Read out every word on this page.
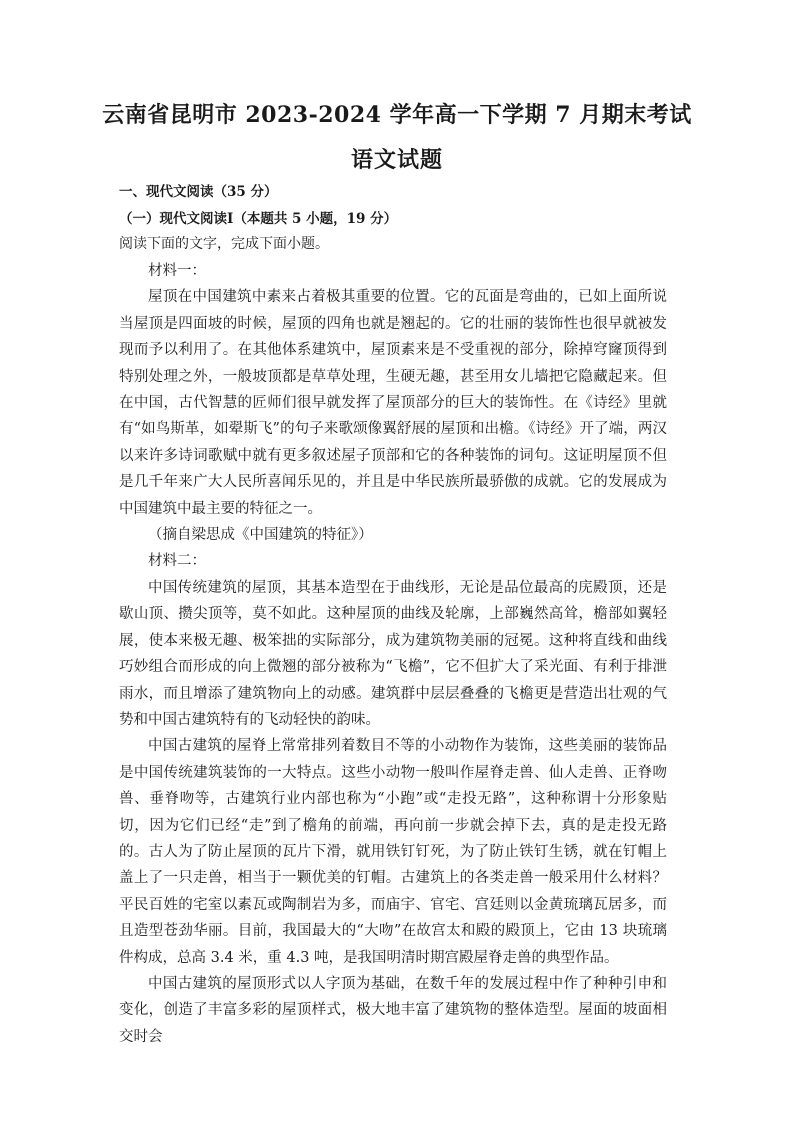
云南省昆明市 2023-2024 学年高一下学期 7 月期末考试
语文试题
一、现代文阅读（35 分）
（一）现代文阅读Ⅰ（本题共 5 小题，19 分）
阅读下面的文字，完成下面小题。

材料一：

屋顶在中国建筑中素来占着极其重要的位置。它的瓦面是弯曲的，已如上面所说当屋顶是四面坡的时候，屋顶的四角也就是翘起的。它的壮丽的装饰性也很早就被发现而予以利用了。在其他体系建筑中，屋顶素来是不受重视的部分，除掉穹窿顶得到特别处理之外，一般坡顶都是草草处理，生硬无趣，甚至用女儿墙把它隐藏起来。但在中国，古代智慧的匠师们很早就发挥了屋顶部分的巨大的装饰性。在《诗经》里就有“如鸟斯革，如翚斯飞”的句子来歌颂像翼舒展的屋顶和出檐。《诗经》开了端，两汉以来许多诗词歌赋中就有更多叙述屋子顶部和它的各种装饰的词句。这证明屋顶不但是几千年来广大人民所喜闻乐见的，并且是中华民族所最骄傲的成就。它的发展成为中国建筑中最主要的特征之一。

（摘自梁思成《中国建筑的特征》）

材料二：

中国传统建筑的屋顶，其基本造型在于曲线形，无论是品位最高的庑殿顶，还是歇山顶、攒尖顶等，莫不如此。这种屋顶的曲线及轮廓，上部巍然高耸，檐部如翼轻展，使本来极无趣、极笨拙的实际部分，成为建筑物美丽的冠冕。这种将直线和曲线巧妙组合而形成的向上微翘的部分被称为“飞檐”，它不但扩大了采光面、有利于排泄雨水，而且增添了建筑物向上的动感。建筑群中层层叠叠的飞檐更是营造出壮观的气势和中国古建筑特有的飞动轻快的韵味。

中国古建筑的屋脊上常常排列着数目不等的小动物作为装饰，这些美丽的装饰品是中国传统建筑装饰的一大特点。这些小动物一般叫作屋脊走兽、仙人走兽、正脊吻兽、垂脊吻等，古建筑行业内部也称为“小跑”或“走投无路”，这种称谓十分形象贴切，因为它们已经“走”到了檐角的前端，再向前一步就会掉下去，真的是走投无路的。古人为了防止屋顶的瓦片下滑，就用铁钉钉死，为了防止铁钉生锈，就在钉帽上盖上了一只走兽，相当于一颗优美的钉帽。古建筑上的各类走兽一般采用什么材料？平民百姓的宅室以素瓦或陶制岩为多，而庙宇、官宅、宫廷则以金黄琉璃瓦居多，而且造型苍劲华丽。目前，我国最大的“大吻”在故宫太和殿的殿顶上，它由 13 块琉璃件构成，总高 3.4 米，重 4.3 吨，是我国明清时期宫殿屋脊走兽的典型作品。

中国古建筑的屋顶形式以人字顶为基础，在数千年的发展过程中作了种种引申和变化，创造了丰富多彩的屋顶样式，极大地丰富了建筑物的整体造型。屋面的坡面相交时会
